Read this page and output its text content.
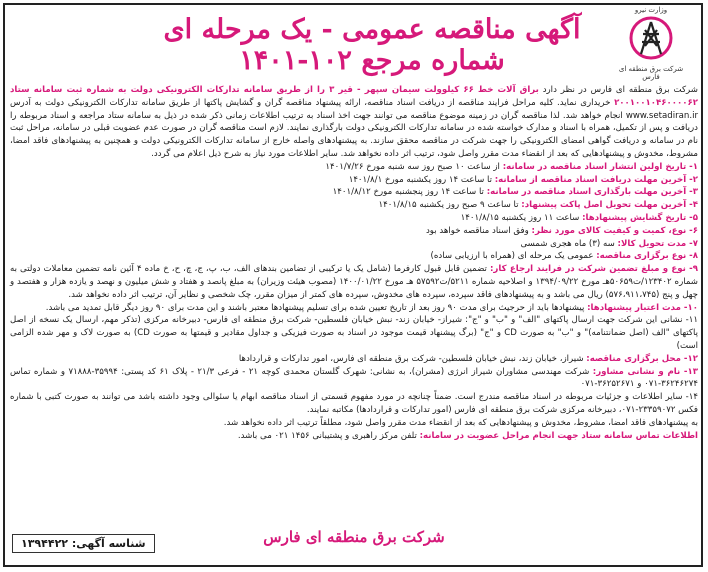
وزارت نیرو
شرکت برق منطقه ای فارس
آگهی مناقصه عمومی - یک مرحله ای
شماره مرجع ۱۰۲-۱۴۰۱

شرکت برق منطقه ای فارس در نظر دارد براق آلات خط ۶۶ کیلوولت سیمان سپهر - قیر ۳ را از طریق سامانه تدارکات الکترونیکی دولت به شماره ثبت سامانه ستاد ۲۰۰۱۰۰۱۰۴۶۰۰۰۰۶۲ خریداری نماید. کلیه مراحل فرایند مناقصه از دریافت اسناد مناقصه، ارائه پیشنهاد مناقصه گران و گشایش پاکتها از طریق سامانه تدارکات الکترونیکی دولت به آدرس www.setadiran.ir انجام خواهد شد. لذا مناقصه گران در زمینه موضوع مناقصه می توانند جهت اخذ اسناد به ترتیب اطلاعات زمانی ذکر شده در ذیل به سامانه ستاد مراجعه و اسناد مربوطه را دریافت و پس از تکمیل، همراه با اسناد و مدارک خواسته شده در سامانه تدارکات الکترونیکی دولت بارگذاری نمایند. لازم است مناقصه گران در صورت عدم عضویت قبلی در سامانه، مراحل ثبت نام در سامانه و دریافت گواهی امضای الکترونیکی را جهت شرکت در مناقصه محقق سازند. به پیشنهادهای واصله خارج از سامانه تدارکات الکترونیکی دولت و همچنین به پیشنهادهای فاقد امضا، مشروط، مخدوش و پیشنهادهایی که بعد از انقضاء مدت مقرر واصل شود، ترتیب اثر داده نخواهد شد. سایر اطلاعات مورد نیاز به شرح ذیل اعلام می گردد.

۱- تاریخ اولین انتشار اسناد مناقصه در سامانه: از ساعت ۱۰ صبح روز سه شنبه مورخ ۱۴۰۱/۷/۲۶
۲- آخرین مهلت دریافت اسناد مناقصه از سامانه: تا ساعت ۱۴ روز یکشنبه مورخ ۱۴۰۱/۸/۱
۳- آخرین مهلت بارگذاری اسناد مناقصه در سامانه: تا ساعت ۱۴ روز پنجشنبه مورخ ۱۴۰۱/۸/۱۲
۴- آخرین مهلت تحویل اصل پاکت پیشنهاد: تا ساعت ۹ صبح روز یکشنبه ۱۴۰۱/۸/۱۵
۵- تاریخ گشایش پیشنهادها: ساعت ۱۱ روز یکشنبه ۱۴۰۱/۸/۱۵
۶- نوع، کمیت و کیفیت کالای مورد نظر: وفق اسناد مناقصه خواهد بود
۷- مدت تحویل کالا: سه (۳) ماه هجری شمسی
۸- نوع برگزاری مناقصه: عمومی یک مرحله ای (همراه با ارزیابی ساده)

۹- نوع و مبلغ تضمین شرکت در فرایند ارجاع کار: تضمین قابل قبول کارفرما (شامل یک یا ترکیبی از تضامین بندهای الف، ب، پ، ج، چ، ح، خ ماده ۴ آئین نامه تضمین معاملات دولتی به شماره ۱۲۳۴۰۲/ت۵۰۶۵۹هـ مورخ ۱۳۹۴/۰۹/۲۲ و اصلاحیه شماره ۵۲۱۱/ت۵۷۵۹۲ هـ مورخ ۱۴۰۰/۰۱/۲۲ (مصوب هیئت وزیران) به مبلغ پانصد و هفتاد و شش میلیون و نهصد و یازده هزار و هفتصد و چهل و پنج (۵۷۶،۹۱۱،۷۴۵) ریال می باشد و به پیشنهادهای فاقد سپرده، سپرده های مخدوش، سپرده های کمتر از میزان مقرر، چک شخصی و نظایر آن، ترتیب اثر داده نخواهد شد.

۱۰- مدت اعتبار پیشنهادها: پیشنهادها باید از حرجیث برای مدت ۹۰ روز بعد از تاریخ تعیین شده برای تسلیم پیشنهادها معتبر باشند و این مدت برای ۹۰ روز دیگر قابل تمدید می باشد.

۱۱- نشانی این شرکت جهت ارسال پاکتهای "الف" و "ب" و "ج": شیراز- خیابان زند- نبش خیابان فلسطین- شرکت برق منطقه ای فارس- دبیرخانه مرکزی (تذکر مهم، ارسال یک نسخه از اصل پاکتهای "الف (اصل ضمانتنامه)" و "ب" به صورت CD و "ج" (برگ پیشنهاد قیمت موجود در اسناد به صورت فیزیکی و جداول مقادیر و قیمتها به صورت CD) به صورت لاک و مهر شده الزامی است)

۱۲- محل برگزاری مناقصه: شیراز، خیابان زند، نبش خیابان فلسطین- شرکت برق منطقه ای فارس، امور تدارکات و قراردادها

۱۳- نام و نشانی مشاور: شرکت مهندسی مشاوران شیراز انرژی (مشران)، به نشانی: شهرک گلستان محمدی کوچه ۲۱ - فرعی ۲۱/۳ - پلاک ۶۱ کد پستی: ۳۵۹۹۴-۷۱۸۸۸ و شماره تماس ۳۶۲۴۶۲۷۴-۰۷۱ و ۳۶۲۵۲۶۷۱-۰۷۱

۱۴- سایر اطلاعات و جزئیات مربوطه در اسناد مناقصه مندرج است. ضمناً چنانچه در مورد مفهوم قسمتی از اسناد مناقصه ابهام یا سئوالی وجود داشته باشد می توانند به صورت کتبی با شماره فکس ۲۳۳۵۹۰۷۲-۰۷۱، دبیرخانه مرکزی شرکت برق منطقه ای فارس (امور تدارکات و قراردادها) مکاتبه نمایند.

به پیشنهادهای فاقد امضا، مشروط، مخدوش و پیشنهادهایی که بعد از انقضاء مدت مقرر واصل شود، مطلقاً ترتیب اثر داده نخواهد شد.

اطلاعات تماس سامانه ستاد جهت انجام مراحل عضویت در سامانه: تلفن مرکز راهبری و پشتیبانی ۱۴۵۶ ۰۲۱ می باشد.

شرکت برق منطقه ای فارس
شناسه آگهی: ۱۳۹۴۴۲۲
